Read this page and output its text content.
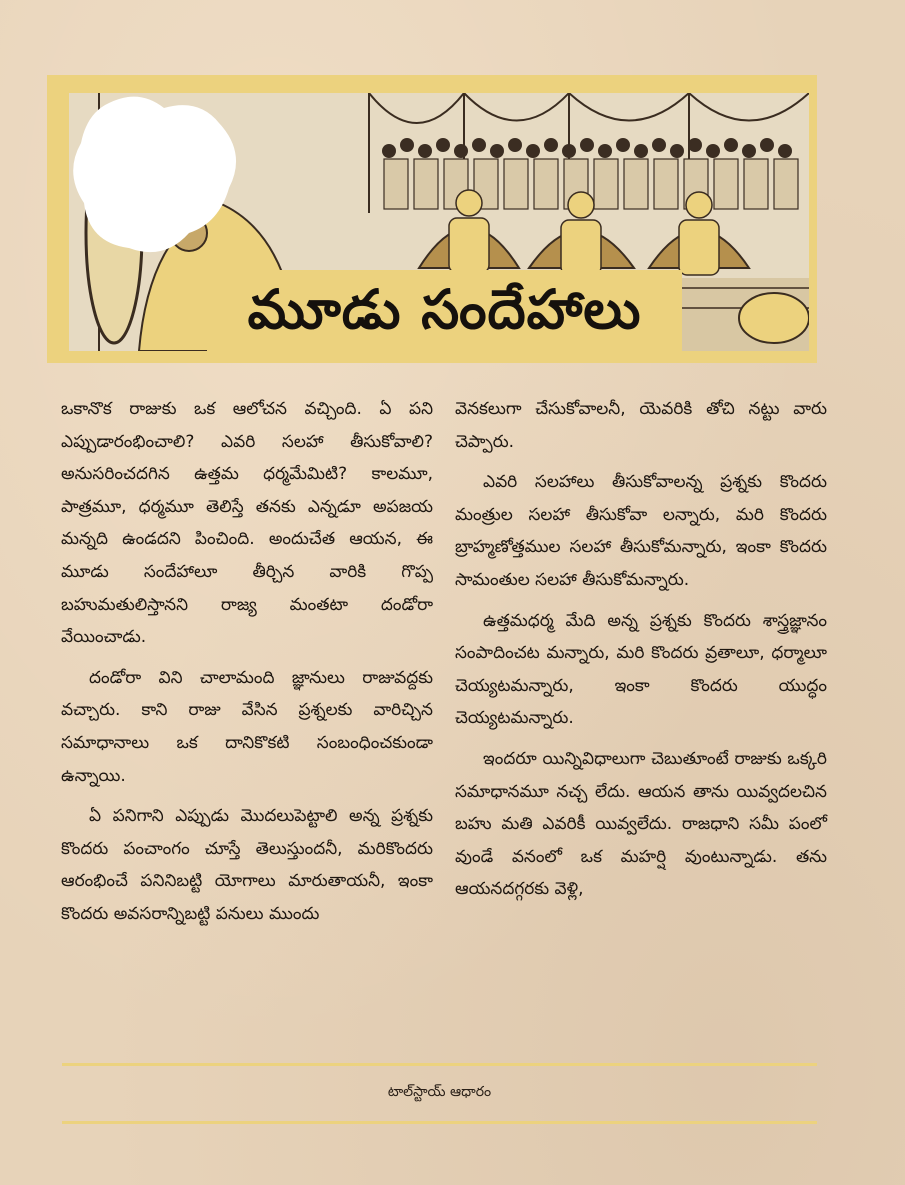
మూడు సందేహాలు

ఒకానొక రాజుకు ఒక ఆలోచన వచ్చింది. ఏ పని ఎప్పుడారంభించాలి? ఎవరి సలహా తీసుకోవాలి? అనుసరించదగిన ఉత్తమ ధర్మమేమిటి? కాలమూ, పాత్రమూ, ధర్మమూ తెలిస్తే తనకు ఎన్నడూ అపజయ మన్నది ఉండదని పించింది. అందుచేత ఆయన, ఈ మూడు సందేహాలూ తీర్చిన వారికి గొప్ప బహుమతులిస్తానని రాజ్య మంతటా దండోరా వేయించాడు.

దండోరా విని చాలామంది జ్ఞానులు రాజువద్దకు వచ్చారు. కాని రాజు వేసిన ప్రశ్నలకు వారిచ్చిన సమాధానాలు ఒక దానికొకటి సంబంధించకుండా ఉన్నాయి.

ఏ పనిగాని ఎప్పుడు మొదలుపెట్టాలి అన్న ప్రశ్నకు కొందరు పంచాంగం చూస్తే తెలుస్తుందనీ, మరికొందరు ఆరంభించే పనినిబట్టి యోగాలు మారుతాయనీ, ఇంకా కొందరు అవసరాన్నిబట్టి పనులు ముందు

వెనకలుగా చేసుకోవాలనీ, యెవరికి తోచి నట్టు వారు చెప్పారు.

ఎవరి సలహాలు తీసుకోవాలన్న ప్రశ్నకు కొందరు మంత్రుల సలహా తీసుకోవా లన్నారు, మరి కొందరు బ్రాహ్మణోత్తముల సలహా తీసుకోమన్నారు, ఇంకా కొందరు సామంతుల సలహా తీసుకోమన్నారు.

ఉత్తమధర్మ మేది అన్న ప్రశ్నకు కొందరు శాస్త్రజ్ఞానం సంపాదించట మన్నారు, మరి కొందరు వ్రతాలూ, ధర్మాలూ చెయ్యటమన్నారు, ఇంకా కొందరు యుద్ధం చెయ్యటమన్నారు.

ఇందరూ యిన్నివిధాలుగా చెబుతూంటే రాజుకు ఒక్కరి సమాధానమూ నచ్చ లేదు. ఆయన తాను యివ్వదలచిన బహు మతి ఎవరికీ యివ్వలేదు. రాజధాని సమీ పంలో వుండే వనంలో ఒక మహర్షి వుంటున్నాడు. తను ఆయనదగ్గరకు వెళ్లి,

టాల్‌స్టాయ్ ఆధారం
